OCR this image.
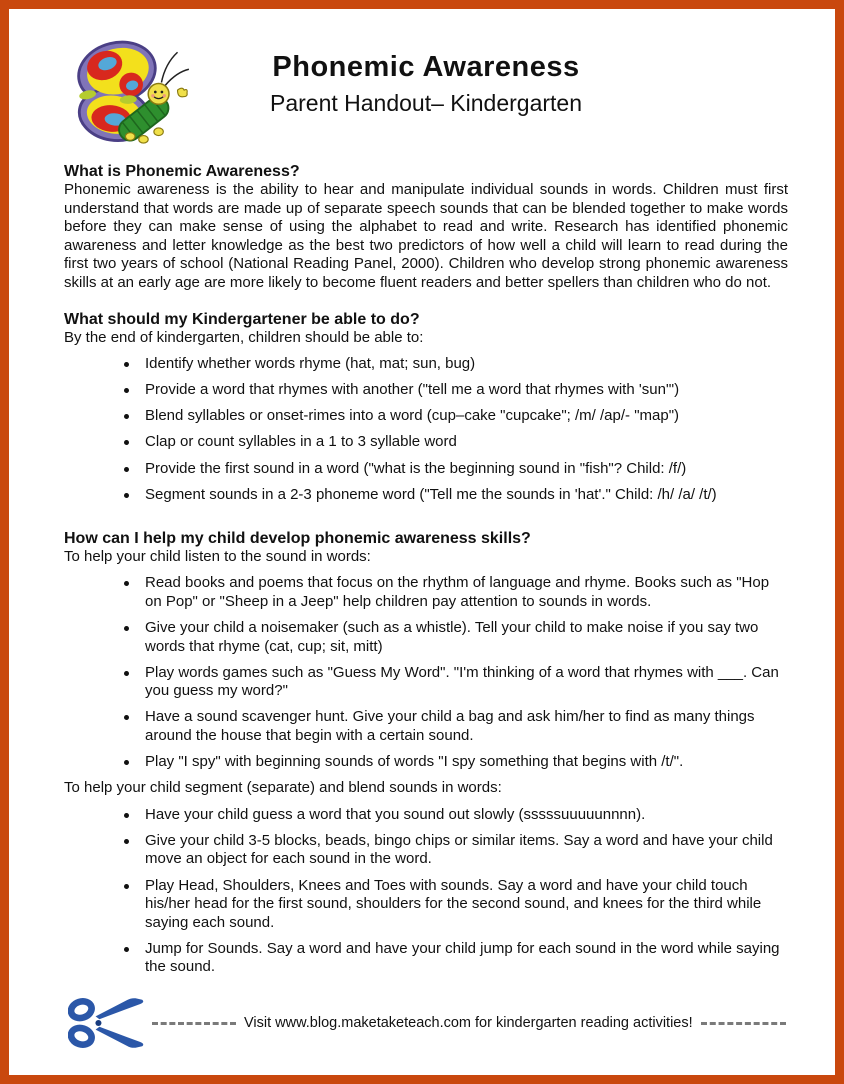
Phonemic Awareness
Parent Handout– Kindergarten
What is Phonemic Awareness?

Phonemic awareness is the ability to hear and manipulate individual sounds in words. Children must first understand that words are made up of separate speech sounds that can be blended together to make words before they can make sense of using the alphabet to read and write. Research has identified phonemic awareness and letter knowledge as the best two predictors of how well a child will learn to read during the first two years of school (National Reading Panel, 2000). Children who develop strong phonemic awareness skills at an early age are more likely to become fluent readers and better spellers than children who do not.

What should my Kindergartener be able to do?

By the end of kindergarten, children should be able to:

Identify whether words rhyme (hat, mat; sun, bug)
Provide a word that rhymes with another ("tell me a word that rhymes with 'sun'")
Blend syllables or onset-rimes into a word (cup–cake "cupcake"; /m/ /ap/- "map")
Clap or count syllables in a 1 to 3 syllable word
Provide the first sound in a word ("what is the beginning sound in "fish"? Child: /f/)
Segment sounds in a 2-3 phoneme word ("Tell me the sounds in 'hat'." Child: /h/ /a/ /t/)
How can I help my child develop phonemic awareness skills?

To help your child listen to the sound in words:

Read books and poems that focus on the rhythm of language and rhyme. Books such as "Hop on Pop" or "Sheep in a Jeep" help children pay attention to sounds in words.
Give your child a noisemaker (such as a whistle). Tell your child to make noise if you say two words that rhyme (cat, cup; sit, mitt)
Play words games such as "Guess My Word". "I'm thinking of a word that rhymes with ___. Can you guess my word?"
Have a sound scavenger hunt. Give your child a bag and ask him/her to find as many things around the house that begin with a certain sound.
Play "I spy" with beginning sounds of words "I spy something that begins with /t/".

To help your child segment (separate) and blend sounds in words:

Have your child guess a word that you sound out slowly (sssssuuuuunnnn).
Give your child 3-5 blocks, beads, bingo chips or similar items. Say a word and have your child move an object for each sound in the word.
Play Head, Shoulders, Knees and Toes with sounds. Say a word and have your child touch his/her head for the first sound, shoulders for the second sound, and knees for the third while saying each sound.
Jump for Sounds. Say a word and have your child jump for each sound in the word while saying the sound.
Visit www.blog.maketaketeach.com for kindergarten reading activities!
